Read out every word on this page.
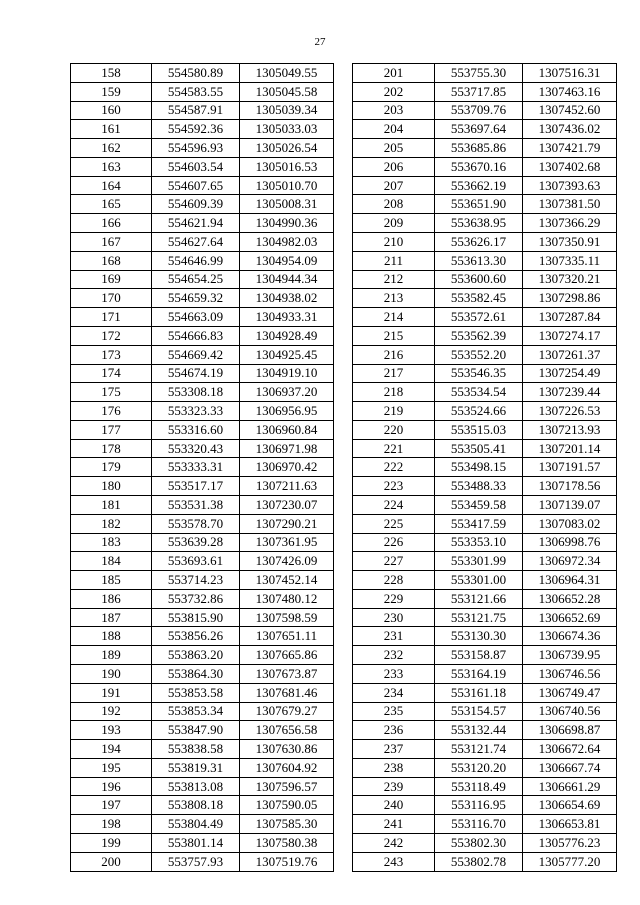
27
158	554580.89	1305049.55
159	554583.55	1305045.58
160	554587.91	1305039.34
161	554592.36	1305033.03
162	554596.93	1305026.54
163	554603.54	1305016.53
164	554607.65	1305010.70
165	554609.39	1305008.31
166	554621.94	1304990.36
167	554627.64	1304982.03
168	554646.99	1304954.09
169	554654.25	1304944.34
170	554659.32	1304938.02
171	554663.09	1304933.31
172	554666.83	1304928.49
173	554669.42	1304925.45
174	554674.19	1304919.10
175	553308.18	1306937.20
176	553323.33	1306956.95
177	553316.60	1306960.84
178	553320.43	1306971.98
179	553333.31	1306970.42
180	553517.17	1307211.63
181	553531.38	1307230.07
182	553578.70	1307290.21
183	553639.28	1307361.95
184	553693.61	1307426.09
185	553714.23	1307452.14
186	553732.86	1307480.12
187	553815.90	1307598.59
188	553856.26	1307651.11
189	553863.20	1307665.86
190	553864.30	1307673.87
191	553853.58	1307681.46
192	553853.34	1307679.27
193	553847.90	1307656.58
194	553838.58	1307630.86
195	553819.31	1307604.92
196	553813.08	1307596.57
197	553808.18	1307590.05
198	553804.49	1307585.30
199	553801.14	1307580.38
200	553757.93	1307519.76
201	553755.30	1307516.31
202	553717.85	1307463.16
203	553709.76	1307452.60
204	553697.64	1307436.02
205	553685.86	1307421.79
206	553670.16	1307402.68
207	553662.19	1307393.63
208	553651.90	1307381.50
209	553638.95	1307366.29
210	553626.17	1307350.91
211	553613.30	1307335.11
212	553600.60	1307320.21
213	553582.45	1307298.86
214	553572.61	1307287.84
215	553562.39	1307274.17
216	553552.20	1307261.37
217	553546.35	1307254.49
218	553534.54	1307239.44
219	553524.66	1307226.53
220	553515.03	1307213.93
221	553505.41	1307201.14
222	553498.15	1307191.57
223	553488.33	1307178.56
224	553459.58	1307139.07
225	553417.59	1307083.02
226	553353.10	1306998.76
227	553301.99	1306972.34
228	553301.00	1306964.31
229	553121.66	1306652.28
230	553121.75	1306652.69
231	553130.30	1306674.36
232	553158.87	1306739.95
233	553164.19	1306746.56
234	553161.18	1306749.47
235	553154.57	1306740.56
236	553132.44	1306698.87
237	553121.74	1306672.64
238	553120.20	1306667.74
239	553118.49	1306661.29
240	553116.95	1306654.69
241	553116.70	1306653.81
242	553802.30	1305776.23
243	553802.78	1305777.20
